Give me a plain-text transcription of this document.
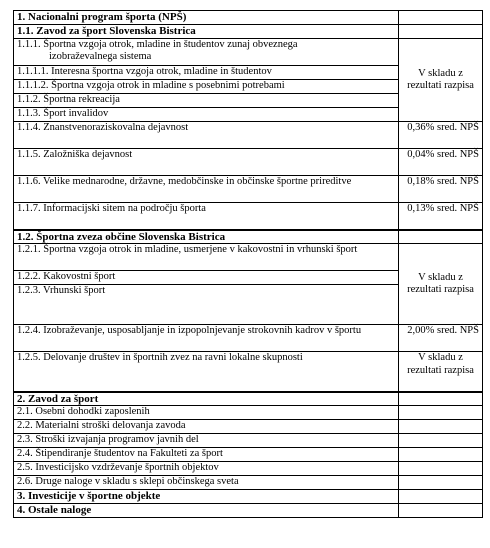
1. Nacionalni program športa (NPŠ)	
1.1. Zavod za šport Slovenska Bistrica	
1.1.1. Športna vzgoja otrok, mladine in študentov zunaj obveznega
izobraževalnega sistema	V skladu z rezultati razpisa
1.1.1.1. Interesna športna vzgoja otrok, mladine in študentov	
1.1.1.2. Športna vzgoja otrok in mladine s posebnimi potrebami	
1.1.2. Športna rekreacija	
1.1.3. Šport invalidov	
1.1.4. Znanstvenoraziskovalna dejavnost	0,36% sred. NPŠ
1.1.5. Založniška dejavnost	0,04% sred. NPŠ

1.1.6. Velike mednarodne, državne, medobčinske in občinske športne prireditve	0,18% sred. NPŠ
1.1.7. Informacijski sitem na področju športa	0,13% sred. NPŠ
1.2. Športna zveza občine Slovenska Bistrica	
1.2.1. Športna vzgoja otrok in mladine, usmerjene v kakovostni in vrhunski šport	V skladu z rezultati razpisa
1.2.2. Kakovostni šport	
1.2.3. Vrhunski šport	
1.2.4. Izobraževanje, usposabljanje in izpopolnjevanje strokovnih kadrov v športu	2,00% sred. NPŠ
1.2.5. Delovanje društev in športnih zvez na ravni lokalne skupnosti	V skladu z rezultati razpisa
2. Zavod za šport	
2.1. Osebni dohodki zaposlenih	
2.2. Materialni stroški delovanja zavoda	
2.3. Stroški izvajanja programov javnih del	
2.4. Štipendiranje študentov na Fakulteti za šport	
2.5. Investicijsko vzdrževanje športnih objektov	
2.6. Druge naloge v skladu s sklepi občinskega sveta	
3. Investicije v športne objekte	
4. Ostale naloge	
